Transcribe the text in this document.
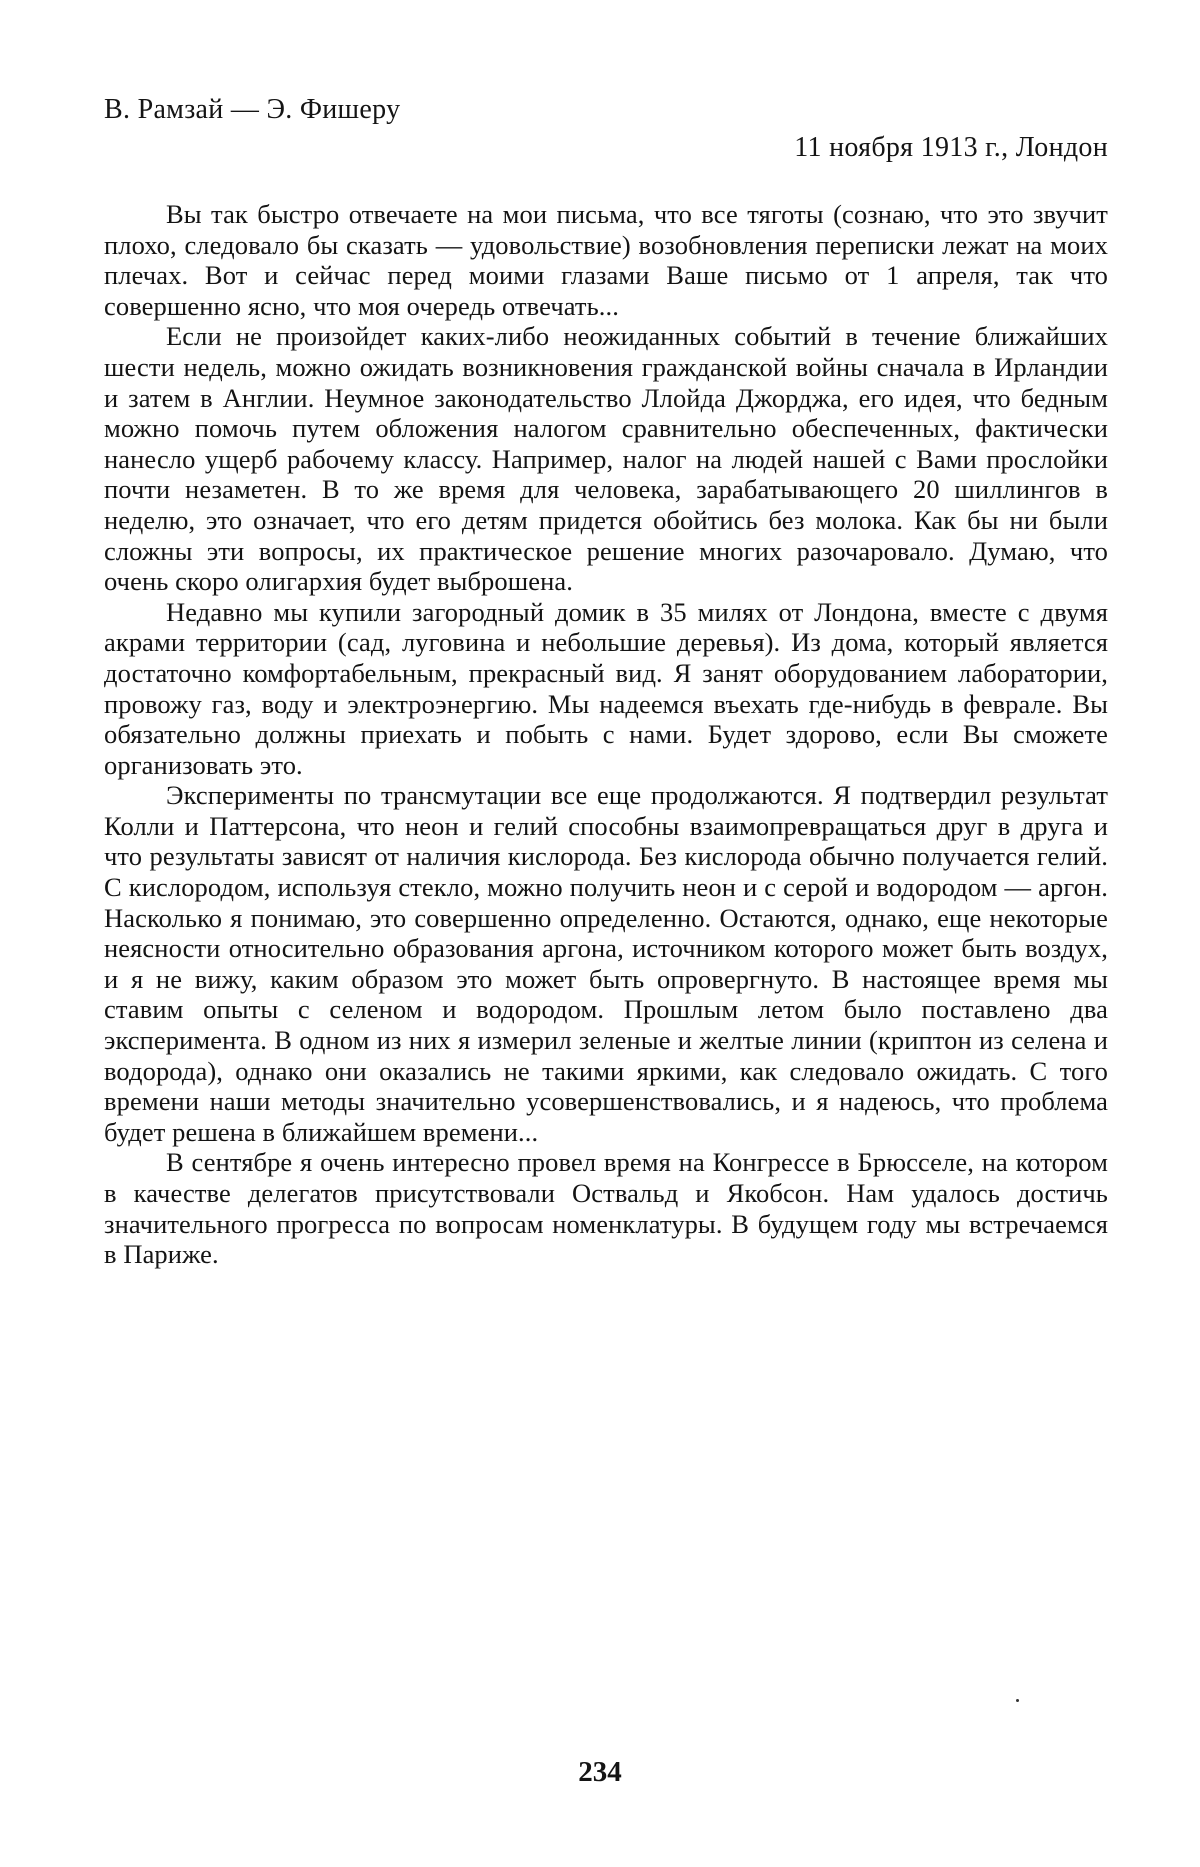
В. Рамзай — Э. Фишеру
11 ноября 1913 г., Лондон

Вы так быстро отвечаете на мои письма, что все тяготы (сознаю, что это звучит плохо, следовало бы сказать — удовольствие) возобновления переписки лежат на моих плечах. Вот и сейчас перед моими глазами Ваше письмо от 1 апреля, так что совершенно ясно, что моя очередь отвечать...

Если не произойдет каких-либо неожиданных событий в течение ближайших шести недель, можно ожидать возникновения гражданской войны сначала в Ирландии и затем в Англии. Неумное законодательство Ллойда Джорджа, его идея, что бедным можно помочь путем обложения налогом сравнительно обеспеченных, фактически нанесло ущерб рабочему классу. Например, налог на людей нашей с Вами прослойки почти незаметен. В то же время для человека, зарабатывающего 20 шиллингов в неделю, это означает, что его детям придется обойтись без молока. Как бы ни были сложны эти вопросы, их практическое решение многих разочаровало. Думаю, что очень скоро олигархия будет выброшена.

Недавно мы купили загородный домик в 35 милях от Лондона, вместе с двумя акрами территории (сад, луговина и небольшие деревья). Из дома, который является достаточно комфортабельным, прекрасный вид. Я занят оборудованием лаборатории, провожу газ, воду и электроэнергию. Мы надеемся въехать где-нибудь в феврале. Вы обязательно должны приехать и побыть с нами. Будет здорово, если Вы сможете организовать это.

Эксперименты по трансмутации все еще продолжаются. Я подтвердил результат Колли и Паттерсона, что неон и гелий способны взаимопревращаться друг в друга и что результаты зависят от наличия кислорода. Без кислорода обычно получается гелий. С кислородом, используя стекло, можно получить неон и с серой и водородом — аргон. Насколько я понимаю, это совершенно определенно. Остаются, однако, еще некоторые неясности относительно образования аргона, источником которого может быть воздух, и я не вижу, каким образом это может быть опровергнуто. В настоящее время мы ставим опыты с селеном и водородом. Прошлым летом было поставлено два эксперимента. В одном из них я измерил зеленые и желтые линии (криптон из селена и водорода), однако они оказались не такими яркими, как следовало ожидать. С того времени наши методы значительно усовершенствовались, и я надеюсь, что проблема будет решена в ближайшем времени...

В сентябре я очень интересно провел время на Конгрессе в Брюсселе, на котором в качестве делегатов присутствовали Оствальд и Якобсон. Нам удалось достичь значительного прогресса по вопросам номенклатуры. В будущем году мы встречаемся в Париже.

234
